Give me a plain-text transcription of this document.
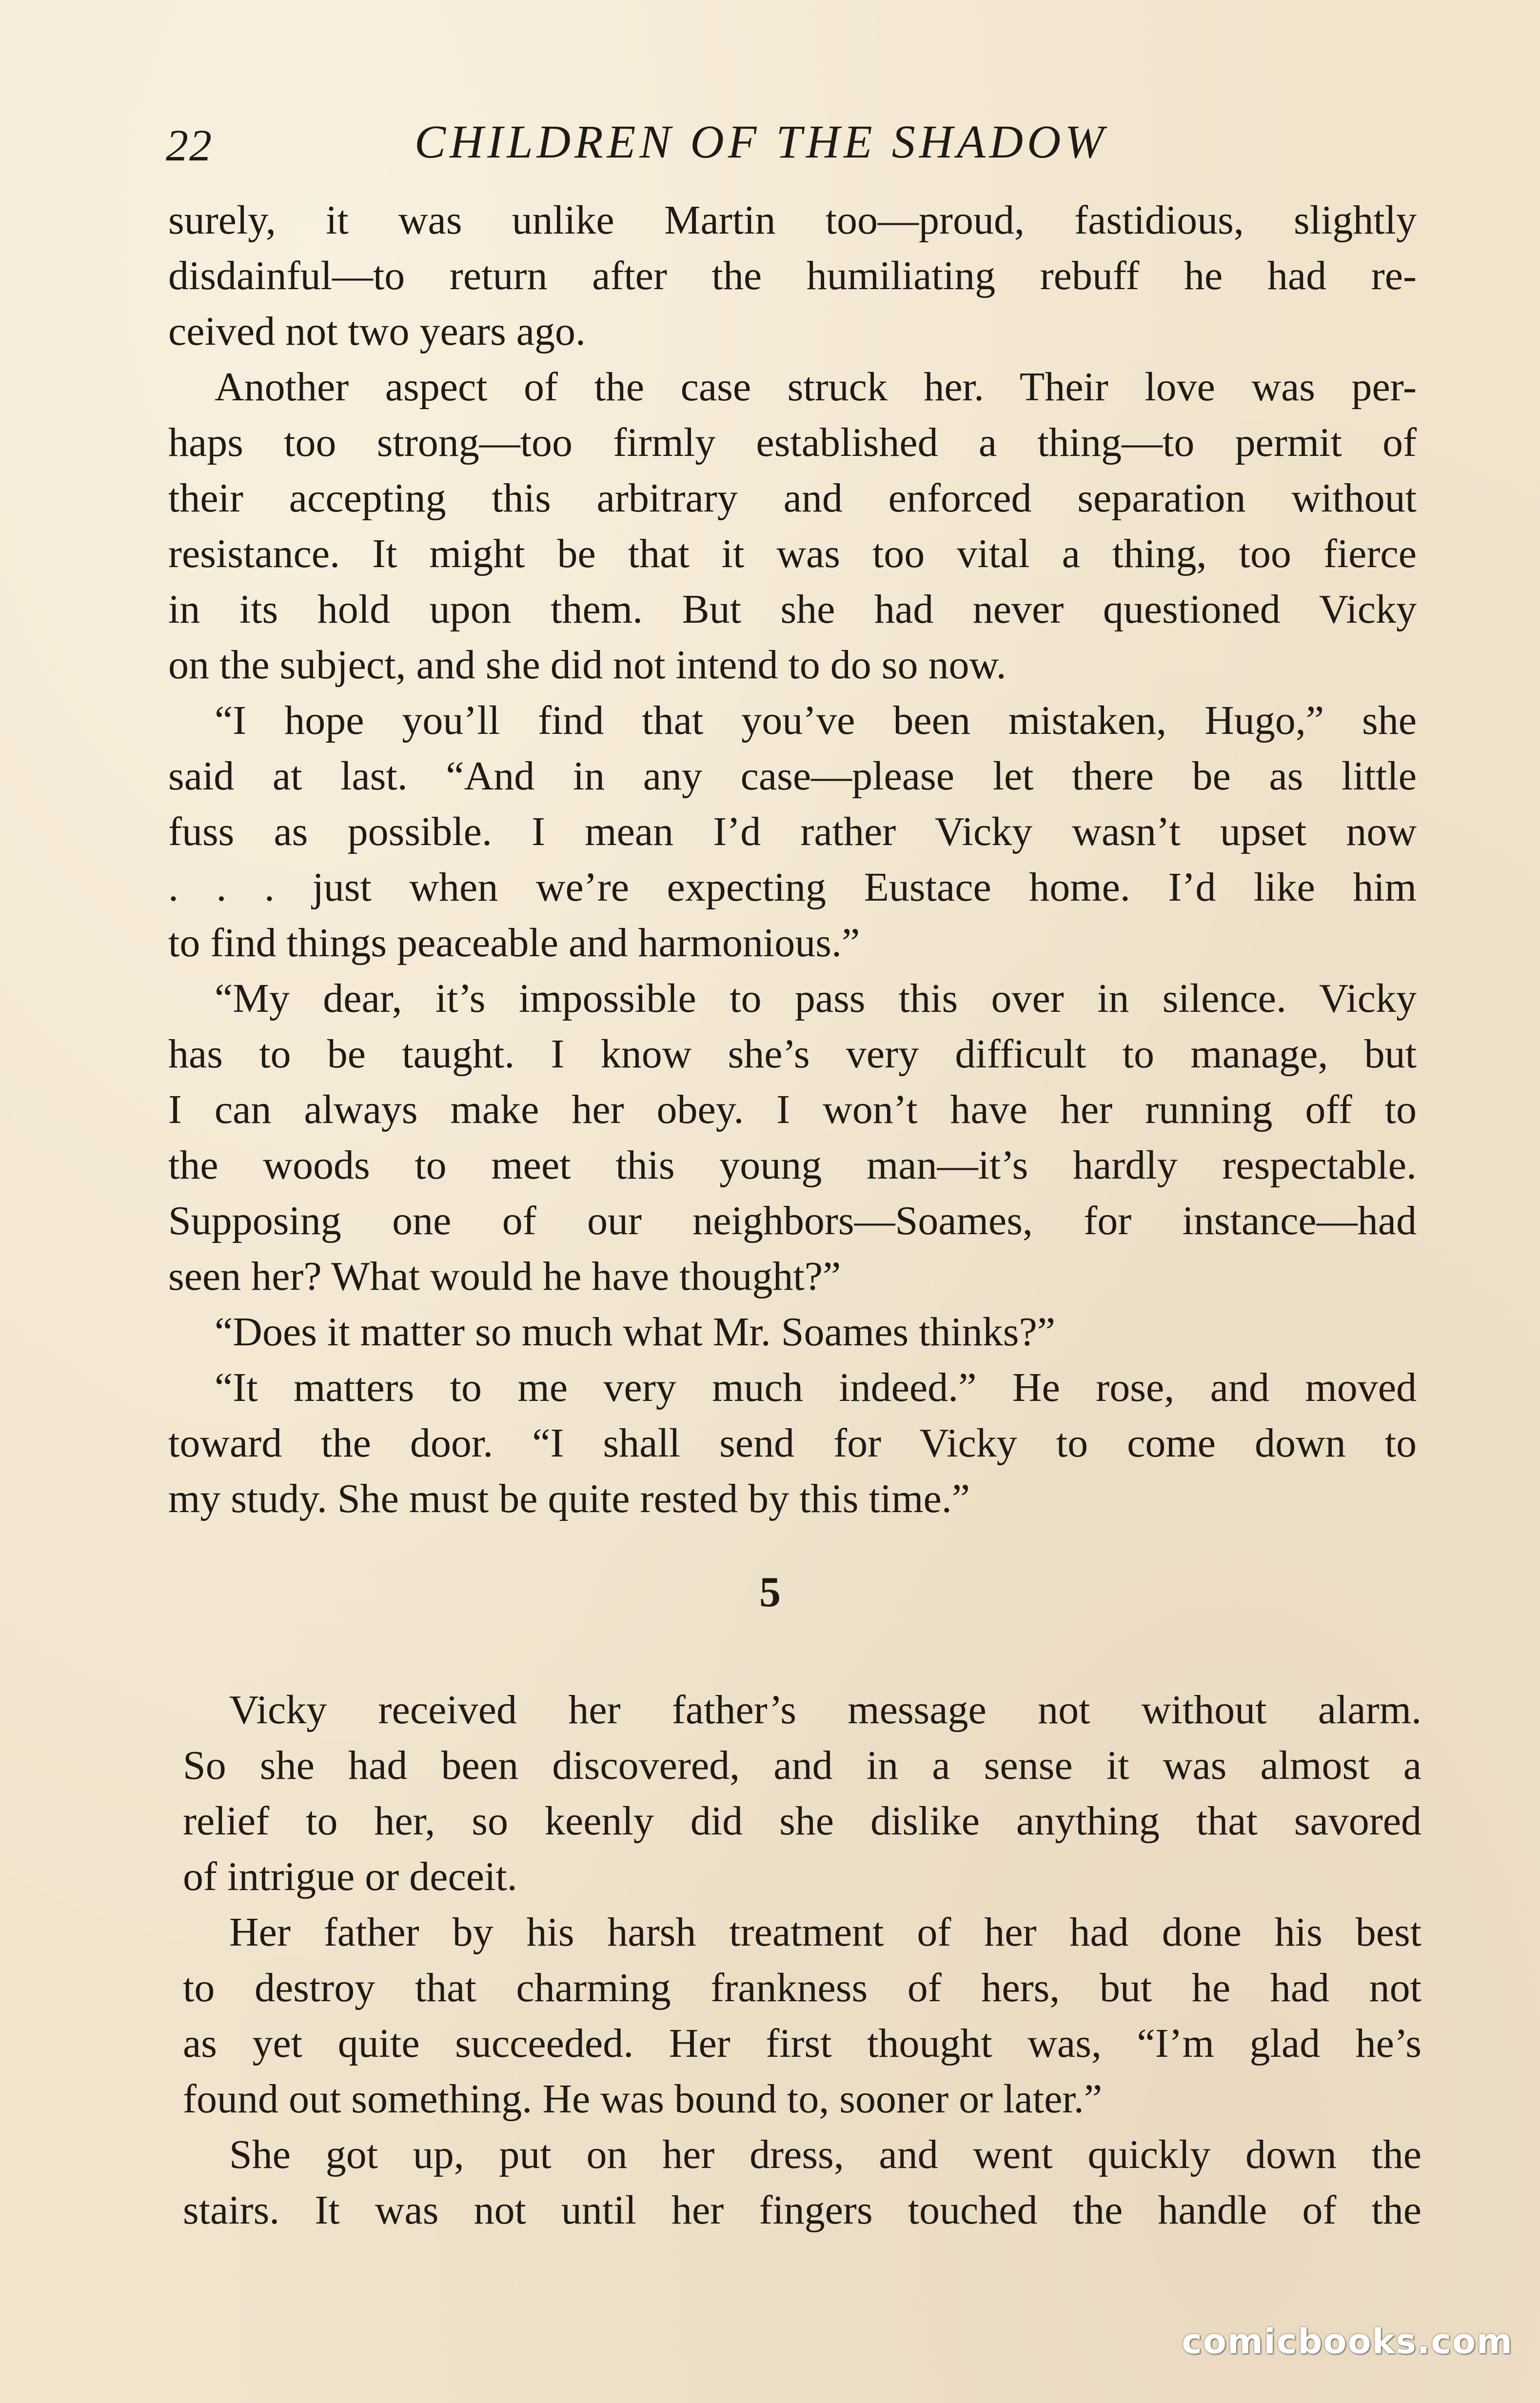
22	CHILDREN OF THE SHADOW
surely, it was unlike Martin too—proud, fastidious, slightly
disdainful—to return after the humiliating rebuff he had re-
ceived not two years ago.
Another aspect of the case struck her. Their love was per-
haps too strong—too firmly established a thing—to permit of
their accepting this arbitrary and enforced separation without
resistance. It might be that it was too vital a thing, too fierce
in its hold upon them. But she had never questioned Vicky
on the subject, and she did not intend to do so now.
“I hope you’ll find that you’ve been mistaken, Hugo,” she
said at last. “And in any case—please let there be as little
fuss as possible. I mean I’d rather Vicky wasn’t upset now
. . . just when we’re expecting Eustace home. I’d like him
to find things peaceable and harmonious.”
“My dear, it’s impossible to pass this over in silence. Vicky
has to be taught. I know she’s very difficult to manage, but
I can always make her obey. I won’t have her running off to
the woods to meet this young man—it’s hardly respectable.
Supposing one of our neighbors—Soames, for instance—had
seen her? What would he have thought?”
“Does it matter so much what Mr. Soames thinks?”
“It matters to me very much indeed.” He rose, and moved
toward the door. “I shall send for Vicky to come down to
my study. She must be quite rested by this time.”
5
Vicky received her father’s message not without alarm.
So she had been discovered, and in a sense it was almost a
relief to her, so keenly did she dislike anything that savored
of intrigue or deceit.
Her father by his harsh treatment of her had done his best
to destroy that charming frankness of hers, but he had not
as yet quite succeeded. Her first thought was, “I’m glad he’s
found out something. He was bound to, sooner or later.”
She got up, put on her dress, and went quickly down the
stairs. It was not until her fingers touched the handle of the
comicbooks.com
